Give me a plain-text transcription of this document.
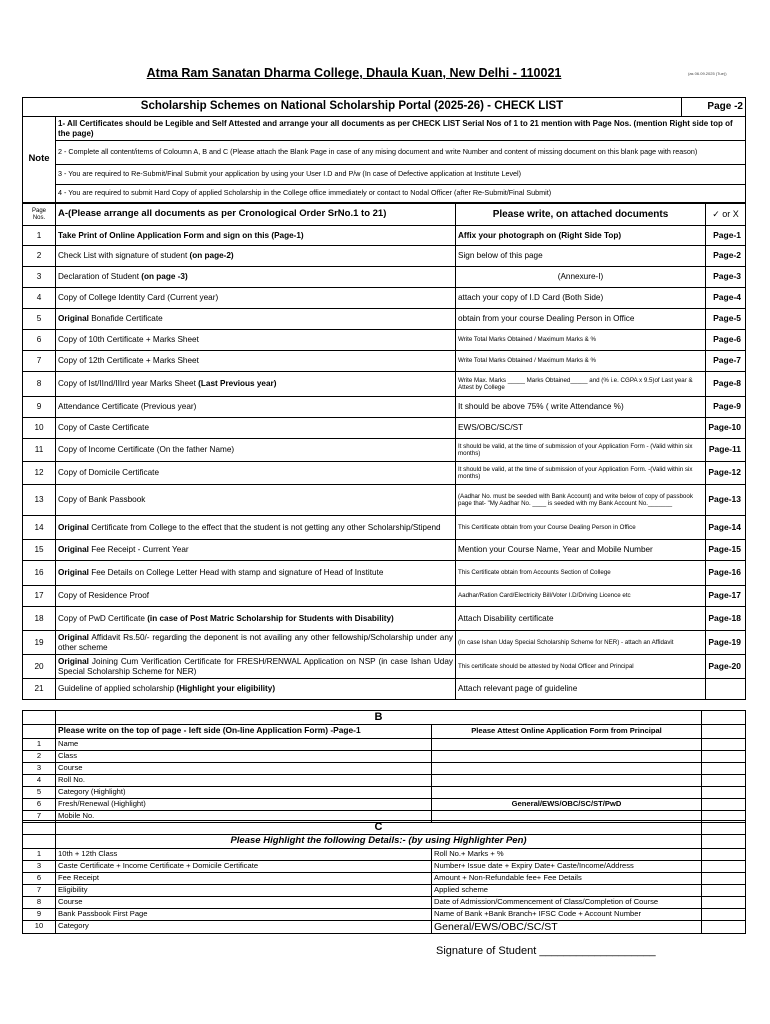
Atma Ram Sanatan Dharma College, Dhaula Kuan, New Delhi - 110021	(as 06.09.2025 (Tue))
Scholarship Schemes on National Scholarship Portal (2025-26) - CHECK LIST	Page -2
Note	1- All Certificates should be Legible and Self Attested and arrange your all documents as per CHECK LIST Serial Nos of 1 to 21 mention with Page Nos. (mention Right side top of the page)
2 - Complete all content/items of Coloumn A, B and C (Please attach the Blank Page in case of any mising document and write Number and content of missing document on this blank page with reason)
3 - You are required to Re-Submit/Final Submit your application by using your User I.D and P/w (In case of Defective application at Institute Level)
4 - You are required to submit Hard Copy of applied Scholarship in the College office immediately or contact to Nodal Officer (after Re-Submit/Final Submit)
Page Nos.	A-(Please arrange all documents as per Cronological Order SrNo.1 to 21)	Please write, on attached documents	✓ or X
1	Take Print of Online Application Form and sign on this (Page-1)	Affix your photograph on (Right Side Top)	Page-1
2	Check List with signature of student (on page-2)	Sign below of this page	Page-2
3	Declaration of Student (on page -3)	(Annexure-I)	Page-3
4	Copy of College Identity Card (Current year)	attach your copy of I.D Card (Both Side)	Page-4
5	Original Bonafide Certificate	obtain from your course Dealing Person in Office	Page-5
6	Copy of 10th Certificate + Marks Sheet	Write Total Marks Obtained / Maximum Marks & %	Page-6
7	Copy of 12th Certificate + Marks Sheet	Write Total Marks Obtained / Maximum Marks & %	Page-7
8	Copy of Ist/IInd/IIIrd year Marks Sheet (Last Previous year)	Write Max. Marks _____ Marks Obtained_____ and (% i.e. CGPA x 9.5)of Last year & Attest by College	Page-8
9	Attendance Certificate (Previous year)	It should be above 75% ( write Attendance %)	Page-9
10	Copy of Caste Certificate	EWS/OBC/SC/ST	Page-10
11	Copy of Income Certificate (On the father Name)	It should be valid, at the time of submission of your Application Form - (Valid within six months)	Page-11
12	Copy of Domicile Certificate	It should be valid, at the time of submission of your Application Form. -(Valid within six months)	Page-12
13	Copy of Bank Passbook	(Aadhar No. must be seeded with Bank Account) and write below of copy of passbook page that- "My Aadhar No. ____ is seeded with my Bank Account No._______	Page-13
14	Original Certificate from College to the effect that the student is not getting any other Scholarship/Stipend	This Certificate obtain from your Course Dealing Person in Office	Page-14
15	Original Fee Receipt - Current Year	Mention your Course Name, Year and Mobile Number	Page-15
16	Original Fee Details on College Letter Head with stamp and signature of Head of Institute	This Certificate obtain from Accounts Section of College	Page-16
17	Copy of Residence Proof	Aadhar/Ration Card/Electricity Bill/Voter I.D/Driving Licence etc	Page-17
18	Copy of PwD Certificate (in case of Post Matric Scholarship for Students with Disability)	Attach Disability certificate	Page-18
19	Original Affidavit Rs.50/- regarding the deponent is not availing any other fellowship/Scholarship under any other scheme	(In case Ishan Uday Special Scholarship Scheme for NER) - attach an Affidavit	Page-19
20	Original Joining Cum Verification Certificate for FRESH/RENWAL Application on NSP (in case Ishan Uday Special Scholarship Scheme for NER)	This certificate should be attested by Nodal Officer and Principal	Page-20
21	Guideline of applied scholarship (Highlight your eligibility)	Attach relevant page of guideline	
	B		
	Please write on the top of page - left side (On-line Application Form) -Page-1	Please Attest Online Application Form from Principal	
1	Name		
2	Class		
3	Course		
4	Roll No.		
5	Category (Highlight)		
6	Fresh/Renewal (Highlight)	General/EWS/OBC/SC/ST/PwD	
7	Mobile No.		
	C		
	Please Highlight the following Details:- (by using Highlighter Pen)		
1	10th + 12th Class	Roll No.+ Marks + %	
3	Caste Certificate + Income Certificate + Domicile Certificate	Number+ Issue date + Expiry Date+ Caste/Income/Address	
6	Fee Receipt	Amount + Non-Refundable fee+ Fee Details	
7	Eligibility	Applied scheme	
8	Course	Date of Admission/Commencement of Class/Completion of Course	
9	Bank Passbook First Page	Name of Bank +Bank Branch+ IFSC Code + Account Number	
10	Category	General/EWS/OBC/SC/ST	
Signature of Student ___________________
